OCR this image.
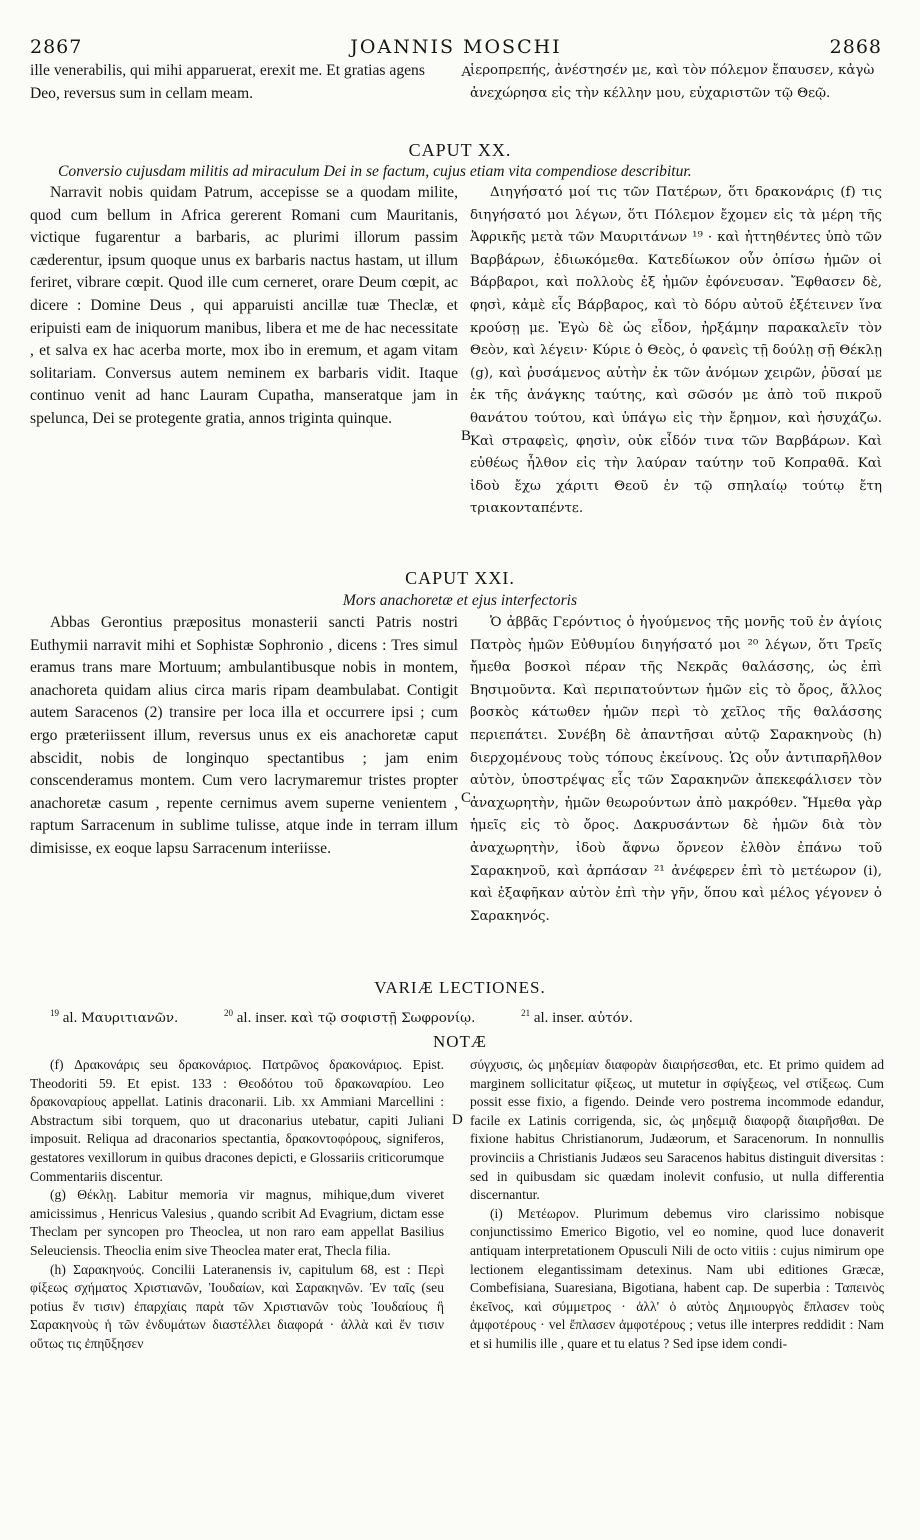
2867	JOANNIS MOSCHI	2868

ille venerabilis, qui mihi apparuerat, erexit me. Et gratias agens Deo, reversus sum in cellam meam.

ἱεροπρεπής, ἀνέστησέν με, καὶ τὸν πόλεμον ἔπαυσεν, κἀγὼ ἀνεχώρησα εἰς τὴν κέλλην μου, εὐχαριστῶν τῷ Θεῷ.

CAPUT XX.
Conversio cujusdam militis ad miraculum Dei in se factum, cujus etiam vita compendiose describitur.

Narravit nobis quidam Patrum, accepisse se a quodam milite, quod cum bellum in Africa gererent Romani cum Mauritanis, victique fugarentur a barbaris, ac plurimi illorum passim cæderentur, ipsum quoque unus ex barbaris nactus hastam, ut illum feriret, vibrare cœpit. Quod ille cum cerneret, orare Deum cœpit, ac dicere : Domine Deus , qui apparuisti ancillæ tuæ Theclæ, et eripuisti eam de iniquorum manibus, libera et me de hac necessitate , et salva ex hac acerba morte, mox ibo in eremum, et agam vitam solitariam. Conversus autem neminem ex barbaris vidit. Itaque continuo venit ad hanc Lauram Cupatha, manseratque jam in spelunca, Dei se protegente gratia, annos triginta quinque.

Διηγήσατό μοί τις τῶν Πατέρων, ὅτι δρακονάρις (f) τις διηγήσατό μοι λέγων, ὅτι Πόλεμον ἔχομεν εἰς τὰ μέρη τῆς Ἀφρικῆς μετὰ τῶν Μαυριτάνων ¹⁹ · καὶ ἡττηθέντες ὑπὸ τῶν Βαρβάρων, ἐδιωκόμεθα. Κατεδίωκον οὖν ὀπίσω ἡμῶν οἱ Βάρβαροι, καὶ πολλοὺς ἐξ ἡμῶν ἐφόνευσαν. Ἔφθασεν δὲ, φησὶ, κἀμὲ εἷς Βάρβαρος, καὶ τὸ δόρυ αὐτοῦ ἐξέτεινεν ἵνα κρούσῃ με. Ἐγὼ δὲ ὡς εἶδον, ἠρξάμην παρακαλεῖν τὸν Θεὸν, καὶ λέγειν· Κύριε ὁ Θεὸς, ὁ φανεὶς τῇ δούλῃ σῇ Θέκλῃ (g), καὶ ῥυσάμενος αὐτὴν ἐκ τῶν ἀνόμων χειρῶν, ῥῦσαί με ἐκ τῆς ἀνάγκης ταύτης, καὶ σῶσόν με ἀπὸ τοῦ πικροῦ θανάτου τούτου, καὶ ὑπάγω εἰς τὴν ἔρημον, καὶ ἡσυχάζω. Καὶ στραφεὶς, φησὶν, οὐκ εἶδόν τινα τῶν Βαρβάρων. Καὶ εὐθέως ἦλθον εἰς τὴν λαύραν ταύτην τοῦ Κοπραθᾶ. Καὶ ἰδοὺ ἔχω χάριτι Θεοῦ ἐν τῷ σπηλαίῳ τούτῳ ἔτη τριακονταπέντε.

CAPUT XXI.
Mors anachoretæ et ejus interfectoris

Abbas Gerontius præpositus monasterii sancti Patris nostri Euthymii narravit mihi et Sophistæ Sophronio , dicens : Tres simul eramus trans mare Mortuum; ambulantibusque nobis in montem, anachoreta quidam alius circa maris ripam deambulabat. Contigit autem Saracenos (2) transire per loca illa et occurrere ipsi ; cum ergo præteriissent illum, reversus unus ex eis anachoretæ caput abscidit, nobis de longinquo spectantibus ; jam enim conscenderamus montem. Cum vero lacrymaremur tristes propter anachoretæ casum , repente cernimus avem superne venientem , raptum Sarracenum in sublime tulisse, atque inde in terram illum dimisisse, ex eoque lapsu Sarracenum interiisse.

Ὁ ἀββᾶς Γερόντιος ὁ ἡγούμενος τῆς μονῆς τοῦ ἐν ἁγίοις Πατρὸς ἡμῶν Εὐθυμίου διηγήσατό μοι ²⁰ λέγων, ὅτι Τρεῖς ἤμεθα βοσκοὶ πέραν τῆς Νεκρᾶς θαλάσσης, ὡς ἐπὶ Βησιμοῦντα. Καὶ περιπατούντων ἡμῶν εἰς τὸ ὄρος, ἄλλος βοσκὸς κάτωθεν ἡμῶν περὶ τὸ χεῖλος τῆς θαλάσσης περιεπάτει. Συνέβη δὲ ἀπαντῆσαι αὐτῷ Σαρακηνοὺς (h) διερχομένους τοὺς τόπους ἐκείνους. Ὡς οὖν ἀντιπαρῆλθον αὐτὸν, ὑποστρέψας εἷς τῶν Σαρακηνῶν ἀπεκεφάλισεν τὸν ἀναχωρητὴν, ἡμῶν θεωρούντων ἀπὸ μακρόθεν. Ἤμεθα γὰρ ἡμεῖς εἰς τὸ ὄρος. Δακρυσάντων δὲ ἡμῶν διὰ τὸν ἀναχωρητὴν, ἰδοὺ ἄφνω ὄρνεον ἐλθὸν ἐπάνω τοῦ Σαρακηνοῦ, καὶ ἁρπάσαν ²¹ ἀνέφερεν ἐπὶ τὸ μετέωρον (i), καὶ ἐξαφῆκαν αὐτὸν ἐπὶ τὴν γῆν, ὅπου καὶ μέλος γέγονεν ὁ Σαρακηνός.

A
B
C
D
VARIÆ LECTIONES.
$^{19}$ al. Μαυριτιανῶν.	$^{20}$ al. inser. καὶ τῷ σοφιστῇ Σωφρονίῳ.	$^{21}$ al. inser. αὐτόν.
NOTÆ

(f) Δρακονάρις seu δρακονάριος. Πατρῶνος δρακονάριος. Epist. Theodoriti 59. Et epist. 133 : Θεοδότου τοῦ δρακωναρίου. Leo δρακοναρίους appellat. Latinis draconarii. Lib. xx Ammiani Marcellini : Abstractum sibi torquem, quo ut draconarius utebatur, capiti Juliani imposuit. Reliqua ad draconarios spectantia, δρακοντοφόρους, signiferos, gestatores vexillorum in quibus dracones depicti, e Glossariis criticorumque Commentariis discentur.

(g) Θέκλῃ. Labitur memoria vir magnus, mihique,dum viveret amicissimus , Henricus Valesius , quando scribit Ad Evagrium, dictam esse Theclam per syncopen pro Theoclea, ut non raro eam appellat Basilius Seleuciensis. Theoclia enim sive Theoclea mater erat, Thecla filia.

(h) Σαρακηνούς. Concilii Lateranensis iv, capitulum 68, est : Περὶ φίξεως σχήματος Χριστιανῶν, Ἰουδαίων, καὶ Σαρακηνῶν. Ἐν ταῖς (seu potius ἔν τισιν) ἐπαρχίαις παρὰ τῶν Χριστιανῶν τοὺς Ἰουδαίους ἢ Σαρακηνοὺς ἡ τῶν ἐνδυμάτων διαστέλλει διαφορά · ἀλλὰ καὶ ἔν τισιν οὕτως τις ἐπηῦξησεν

σύγχυσις, ὡς μηδεμίαν διαφορὰν διαιρήσεσθαι, etc. Et primo quidem ad marginem sollicitatur φίξεως, ut mutetur in σφίγξεως, vel στίξεως. Cum possit esse fixio, a figendo. Deinde vero postrema incommode edandur, facile ex Latinis corrigenda, sic, ὡς μηδεμιᾷ διαφορᾷ διαιρῆσθαι. De fixione habitus Christianorum, Judæorum, et Saracenorum. In nonnullis provinciis a Christianis Judæos seu Saracenos habitus distinguit diversitas : sed in quibusdam sic quædam inolevit confusio, ut nulla differentia discernantur.

(i) Μετέωρον. Plurimum debemus viro clarissimo nobisque conjunctissimo Emerico Bigotio, vel eo nomine, quod luce donaverit antiquam interpretationem Opusculi Nili de octo vitiis : cujus nimirum ope lectionem elegantissimam detexinus. Nam ubi editiones Græcæ, Combefisiana, Suaresiana, Bigotiana, habent cap. De superbia : Ταπεινὸς ἐκεῖνος, καὶ σύμμετρος · ἀλλ' ὁ αὐτὸς Δημιουργὸς ἔπλασεν τοὺς ἀμφοτέρους · vel ἔπλασεν ἀμφοτέρους ; vetus ille interpres reddidit : Nam et si humilis ille , quare et tu elatus ? Sed ipse idem condi-
